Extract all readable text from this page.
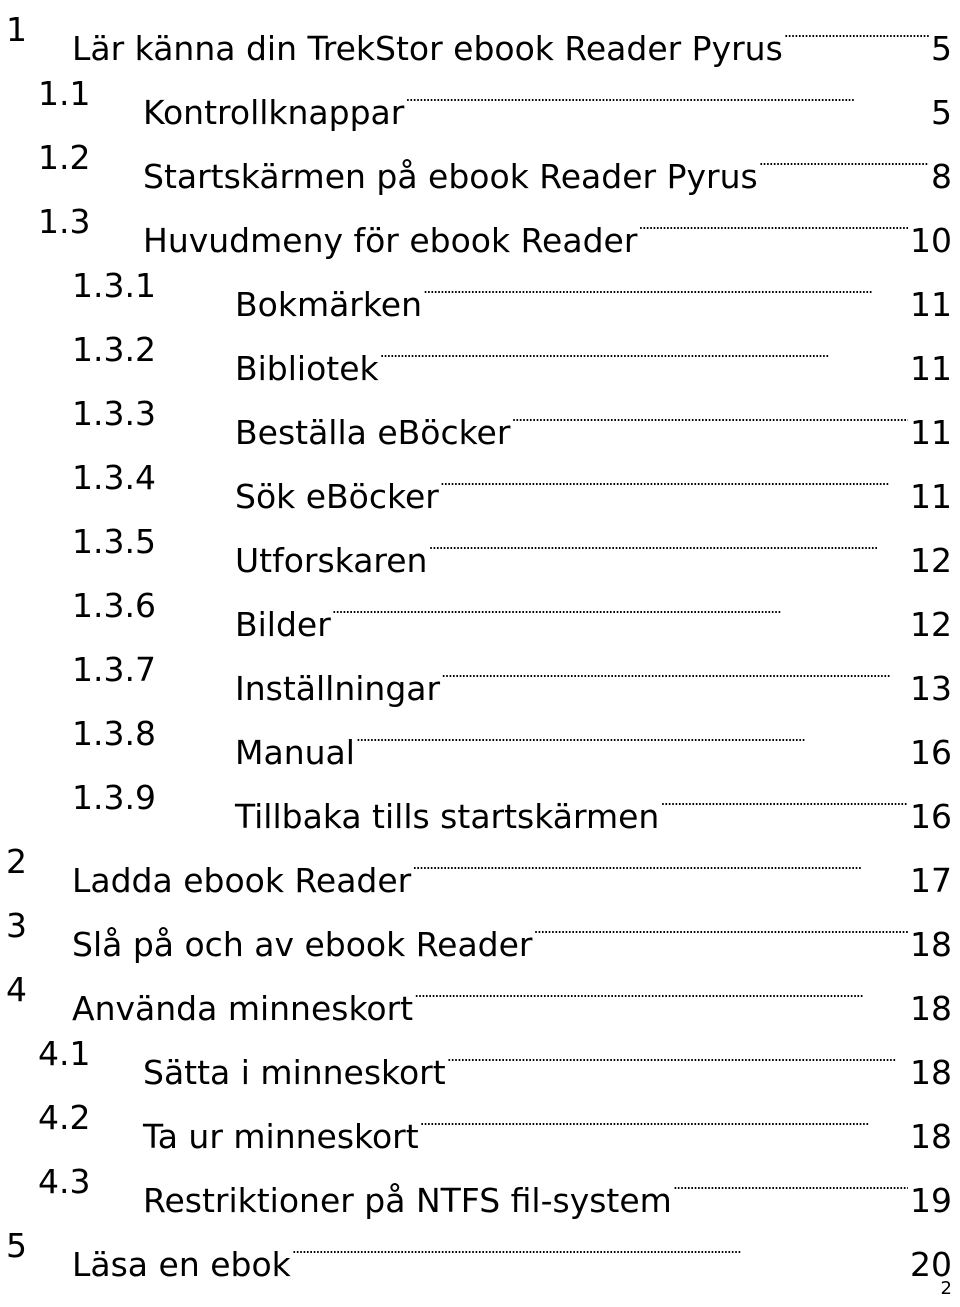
1 Lär känna din TrekStor ebook Reader Pyrus . . .	5
1.1 Kontrollknappar . . .	5
1.2 Startskärmen på ebook Reader Pyrus . . .	8
1.3 Huvudmeny för ebook Reader . . .	10
1.3.1 Bokmärken . . .	11
1.3.2 Bibliotek . . .	11
1.3.3 Beställa eBöcker . . .	11
1.3.4 Sök eBöcker . . .	11
1.3.5 Utforskaren . . .	12
1.3.6 Bilder . . .	12
1.3.7 Inställningar . . .	13
1.3.8 Manual . . .	16
1.3.9 Tillbaka tills startskärmen . . .	16
2 Ladda ebook Reader . . .	17
3 Slå på och av ebook Reader . . .	18
4 Använda minneskort . . .	18
4.1 Sätta i minneskort . . .	18
4.2 Ta ur minneskort . . .	18
4.3 Restriktioner på NTFS fil-system . . .	19
5 Läsa en ebok . . .	20
2
